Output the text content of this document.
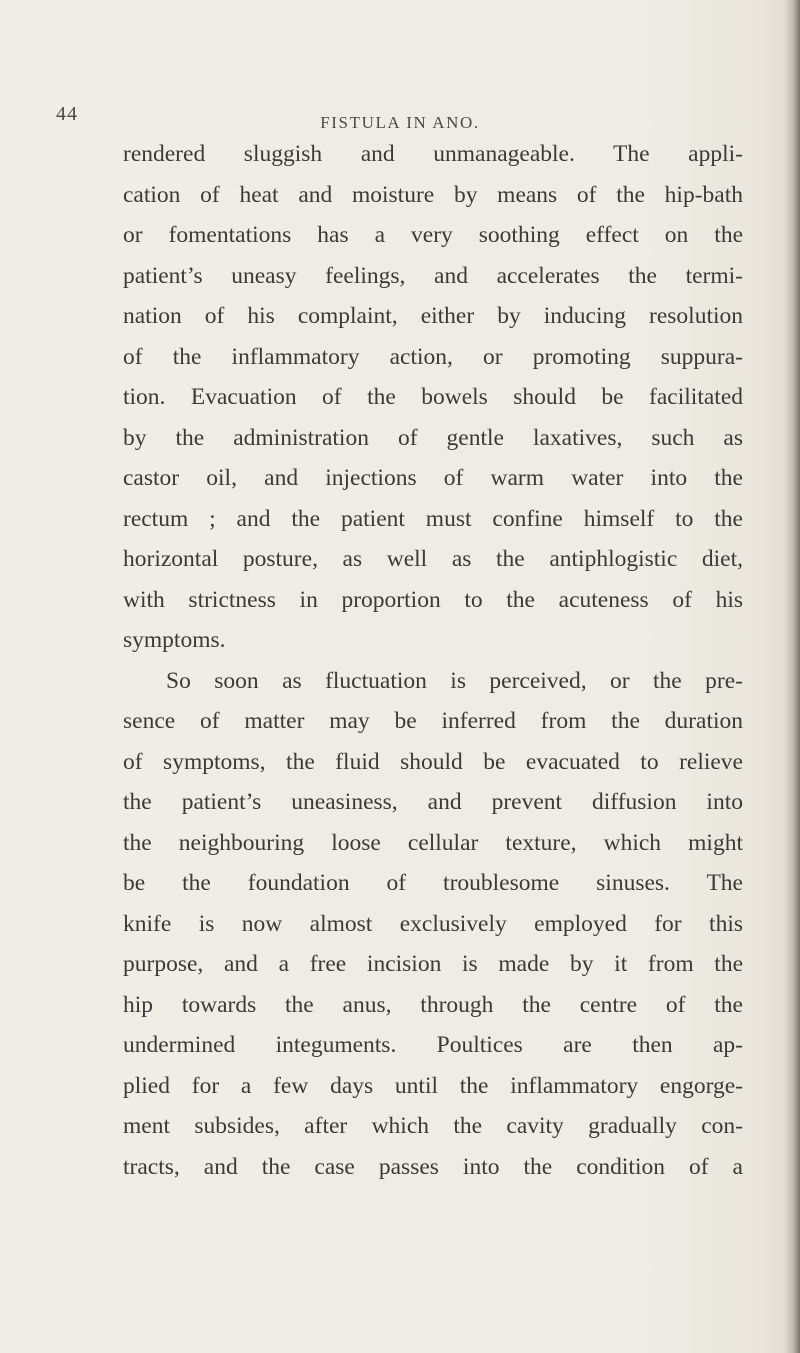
44	FISTULA IN ANO.
rendered sluggish and unmanageable. The appli-
cation of heat and moisture by means of the hip-bath
or fomentations has a very soothing effect on the
patient’s uneasy feelings, and accelerates the termi-
nation of his complaint, either by inducing resolution
of the inflammatory action, or promoting suppura-
tion. Evacuation of the bowels should be facilitated
by the administration of gentle laxatives, such as
castor oil, and injections of warm water into the
rectum ; and the patient must confine himself to the
horizontal posture, as well as the antiphlogistic diet,
with strictness in proportion to the acuteness of his
symptoms.
So soon as fluctuation is perceived, or the pre-
sence of matter may be inferred from the duration
of symptoms, the fluid should be evacuated to relieve
the patient’s uneasiness, and prevent diffusion into
the neighbouring loose cellular texture, which might
be the foundation of troublesome sinuses. The
knife is now almost exclusively employed for this
purpose, and a free incision is made by it from the
hip towards the anus, through the centre of the
undermined integuments. Poultices are then ap-
plied for a few days until the inflammatory engorge-
ment subsides, after which the cavity gradually con-
tracts, and the case passes into the condition of a
